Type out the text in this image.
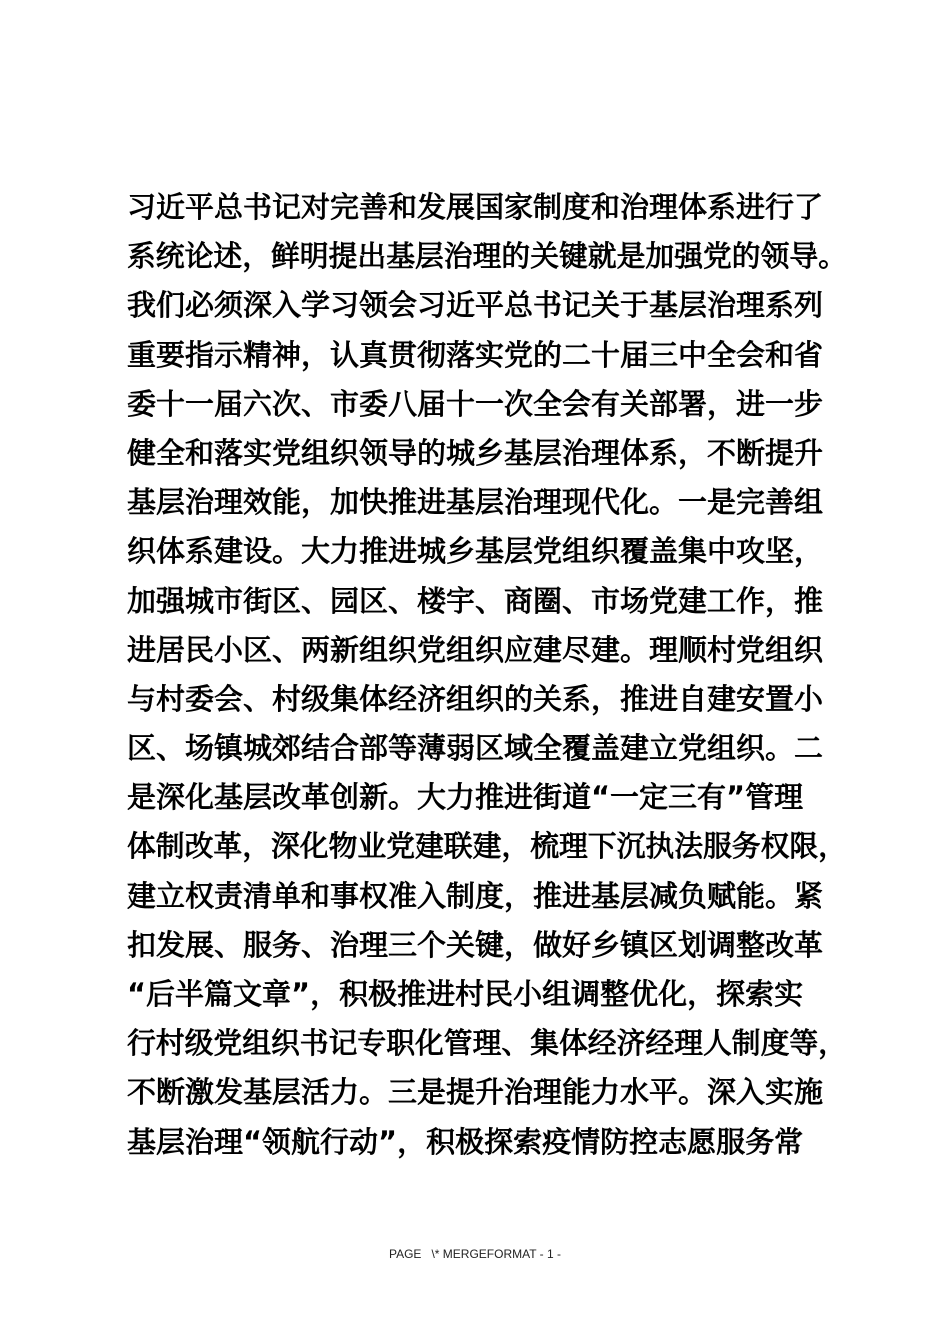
习近平总书记对完善和发展国家制度和治理体系进行了
系统论述，鲜明提出基层治理的关键就是加强党的领导。
我们必须深入学习领会习近平总书记关于基层治理系列
重要指示精神，认真贯彻落实党的二十届三中全会和省
委十一届六次、市委八届十一次全会有关部署，进一步
健全和落实党组织领导的城乡基层治理体系，不断提升
基层治理效能，加快推进基层治理现代化。一是完善组
织体系建设。大力推进城乡基层党组织覆盖集中攻坚，
加强城市街区、园区、楼宇、商圈、市场党建工作，推
进居民小区、两新组织党组织应建尽建。理顺村党组织
与村委会、村级集体经济组织的关系，推进自建安置小
区、场镇城郊结合部等薄弱区域全覆盖建立党组织。二
是深化基层改革创新。大力推进街道“一定三有”管理
体制改革，深化物业党建联建，梳理下沉执法服务权限，
建立权责清单和事权准入制度，推进基层减负赋能。紧
扣发展、服务、治理三个关键，做好乡镇区划调整改革
“后半篇文章”，积极推进村民小组调整优化，探索实
行村级党组织书记专职化管理、集体经济经理人制度等，
不断激发基层活力。三是提升治理能力水平。深入实施
基层治理“领航行动”，积极探索疫情防控志愿服务常
PAGE   \* MERGEFORMAT - 1 -
